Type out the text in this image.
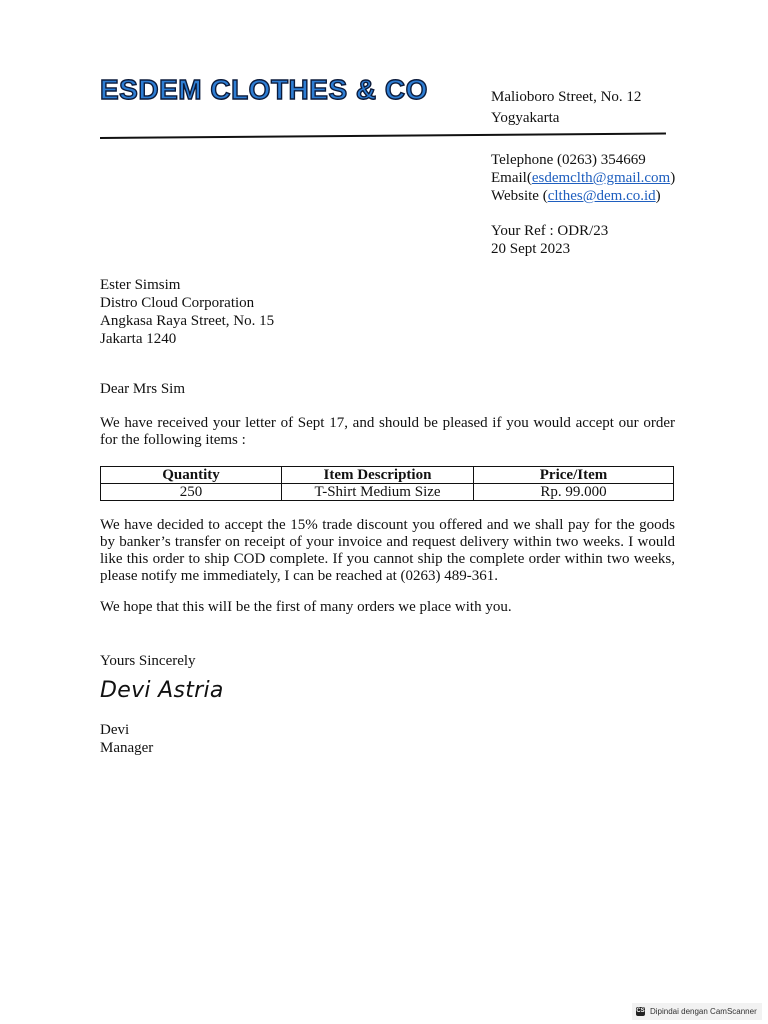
ESDEM CLOTHES & CO	Malioboro Street, No. 12
Yogyakarta
Telephone (0263) 354669
Email(esdemclth@gmail.com)
Website (clthes@dem.co.id)
Your Ref : ODR/23
20 Sept 2023
Ester Simsim
Distro Cloud Corporation
Angkasa Raya Street, No. 15
Jakarta 1240
Dear Mrs Sim
We have received your letter of Sept 17, and should be pleased if you would accept our order for the following items :
Quantity	Item Description	Price/Item
250	T-Shirt Medium Size	Rp. 99.000
We have decided to accept the 15% trade discount you offered and we shall pay for the goods by banker’s transfer on receipt of your invoice and request delivery within two weeks. I would like this order to ship COD complete. If you cannot ship the complete order within two weeks, please notify me immediately, I can be reached at (0263) 489-361.
We hope that this wilI be the first of many orders we place with you.
Yours Sincerely
Devi Astria
Devi
Manager
CS Dipindai dengan CamScanner
